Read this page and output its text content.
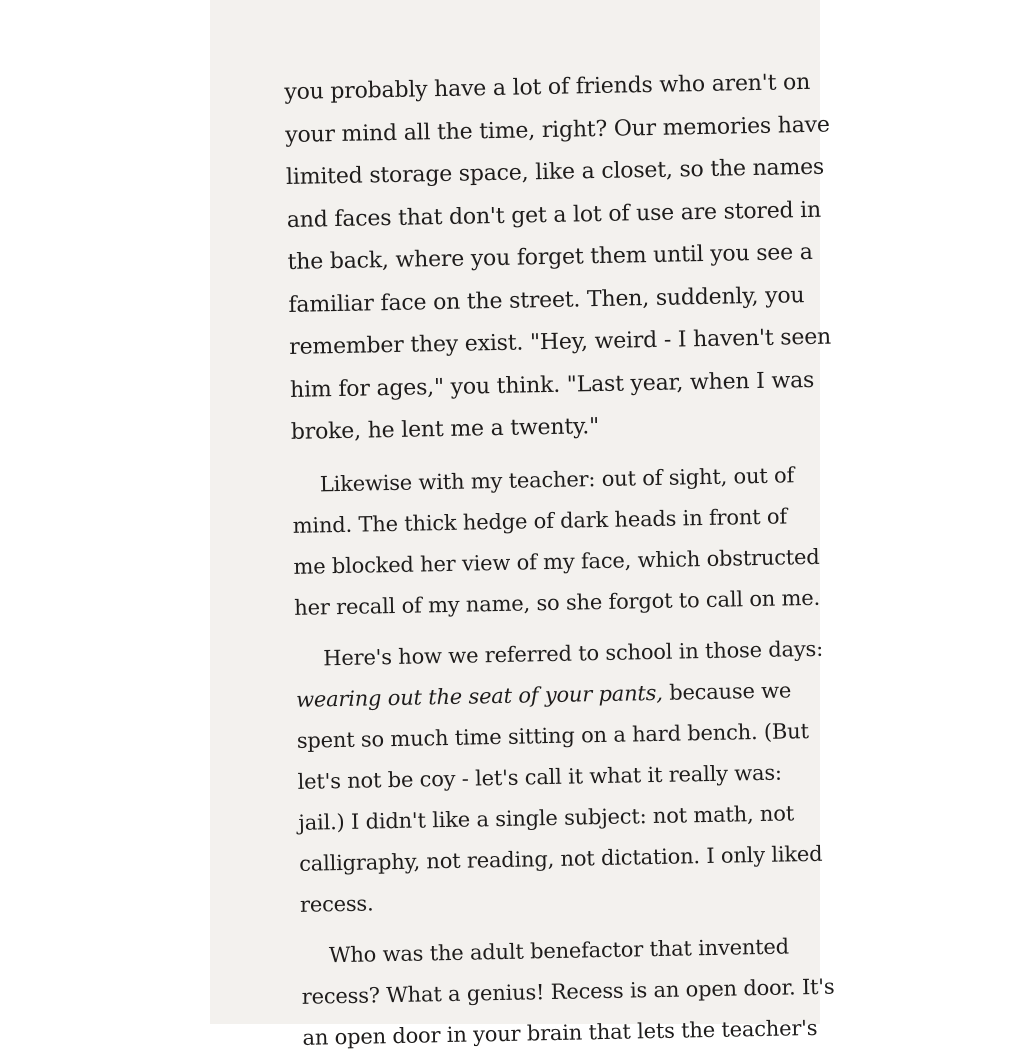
you probably have a lot of friends who aren't on
your mind all the time, right? Our memories have
limited storage space, like a closet, so the names
and faces that don't get a lot of use are stored in
the back, where you forget them until you see a
familiar face on the street. Then, suddenly, you
remember they exist. "Hey, weird - I haven't seen
him for ages," you think. "Last year, when I was
broke, he lent me a twenty."
Likewise with my teacher: out of sight, out of
mind. The thick hedge of dark heads in front of
me blocked her view of my face, which obstructed
her recall of my name, so she forgot to call on me.
Here's how we referred to school in those days:
wearing out the seat of your pants, because we
spent so much time sitting on a hard bench. (But
let's not be coy - let's call it what it really was:
jail.) I didn't like a single subject: not math, not
calligraphy, not reading, not dictation. I only liked
recess.
Who was the adult benefactor that invented
recess? What a genius! Recess is an open door. It's
an open door in your brain that lets the teacher's
